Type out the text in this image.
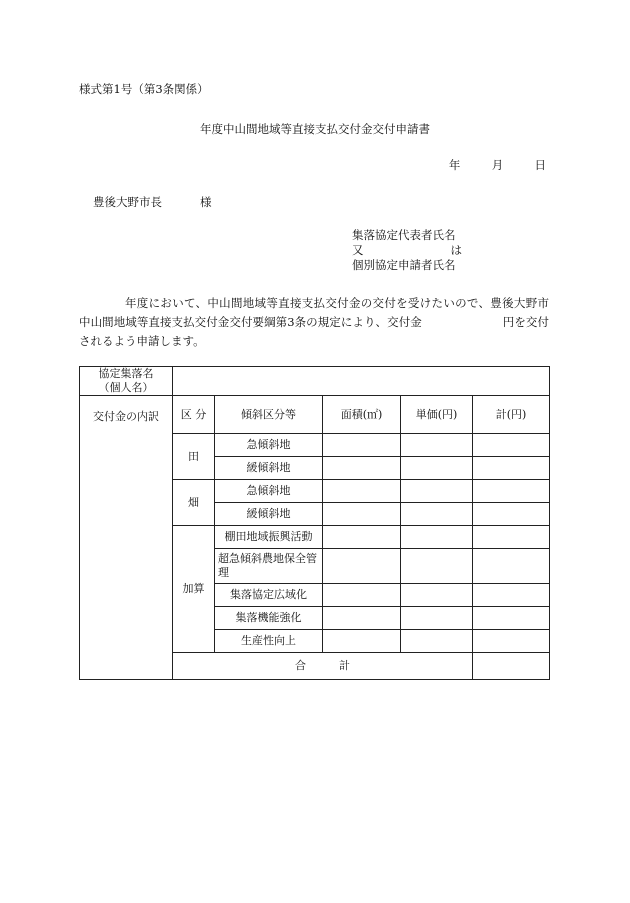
様式第1号（第3条関係）
年度中山間地域等直接支払交付金交付申請書
年	月	日
豊後大野市長	様
集落協定代表者氏名
又	は
個別協定申請者氏名

年度において、中山間地域等直接支払交付金の交付を受けたいので、豊後大野市中山間地域等直接支払交付金交付要綱第3条の規定により、交付金　　　　　　　円を交付されるよう申請します。

協定集落名
（個人名）					

交付金の内訳	区 分	傾斜区分等	面積(㎡)	単価(円)	計(円)
	田	急傾斜地			
		緩傾斜地			
	畑	急傾斜地			
		緩傾斜地			
	加算	棚田地域振興活動			
		超急傾斜農地保全管理			
		集落協定広域化			
		集落機能強化			
		生産性向上			
	合　　　計				
